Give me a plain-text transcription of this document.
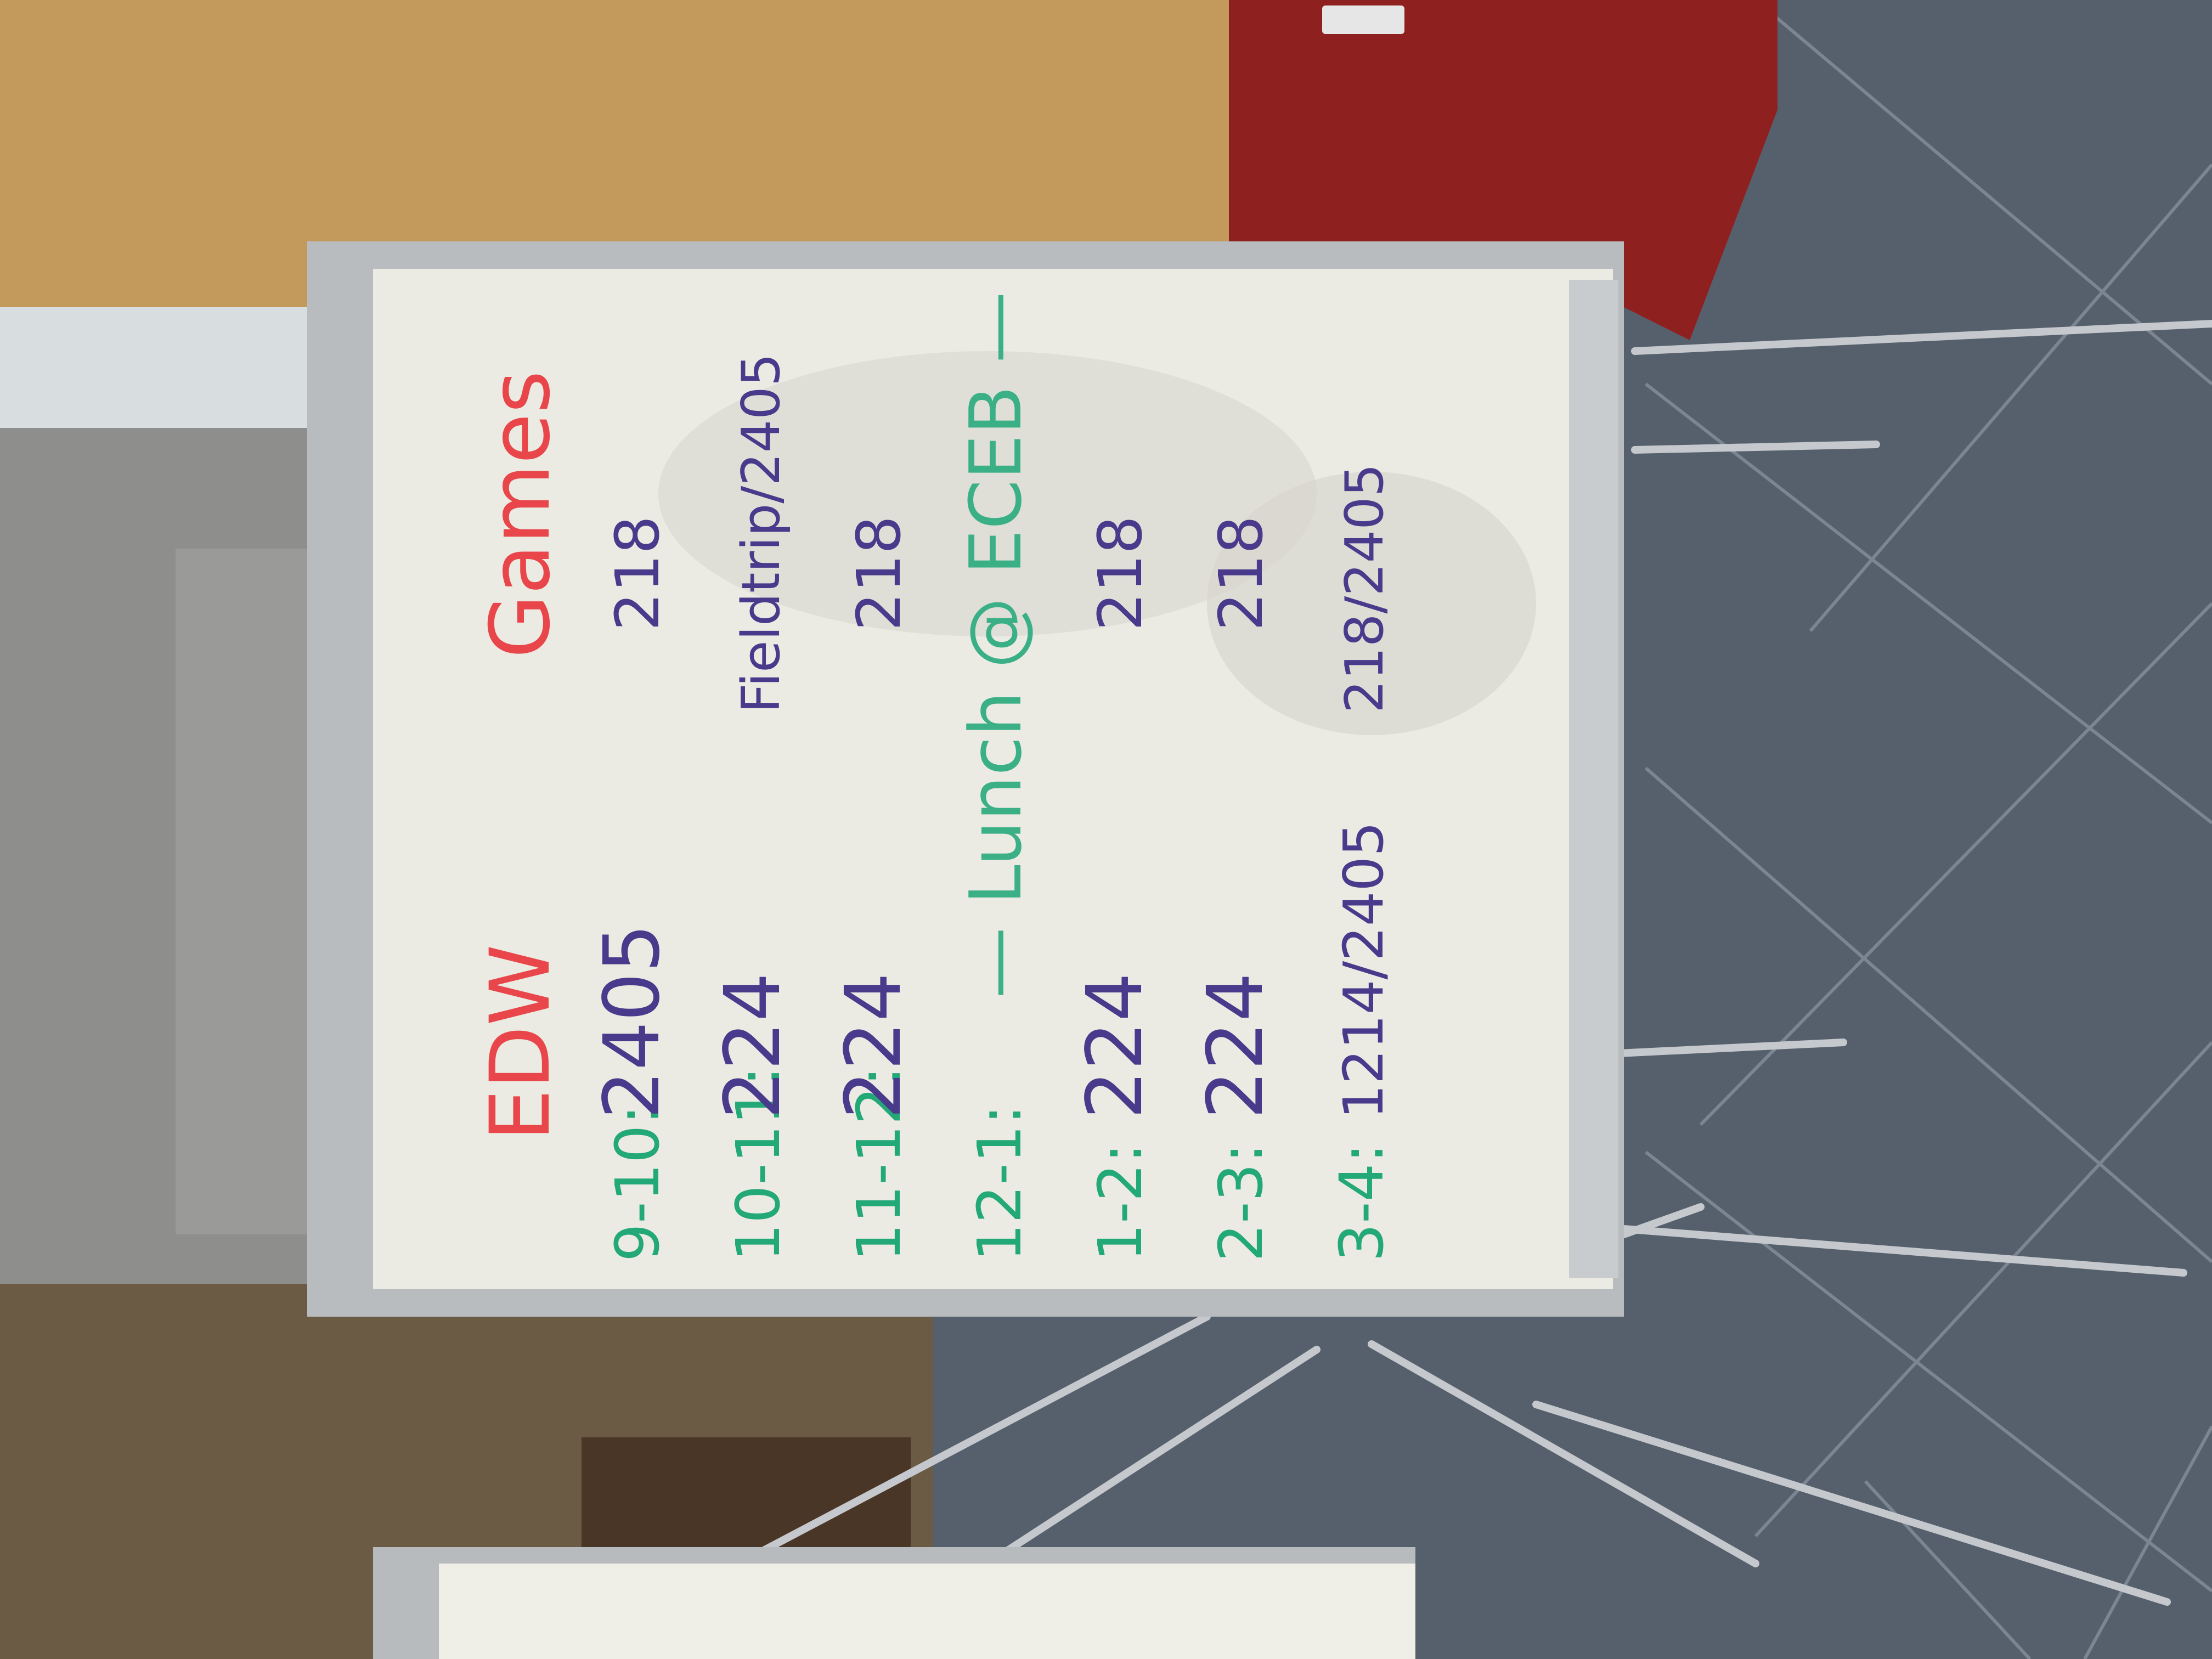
EDW
Games
9-10:
2405
218
10-11:
224
Fieldtrip/2405
11-12:
224
218
12-1:
— Lunch @ ECEB —
1-2:
224
218
2-3:
224
218
3-4:
1214/2405
218/2405
